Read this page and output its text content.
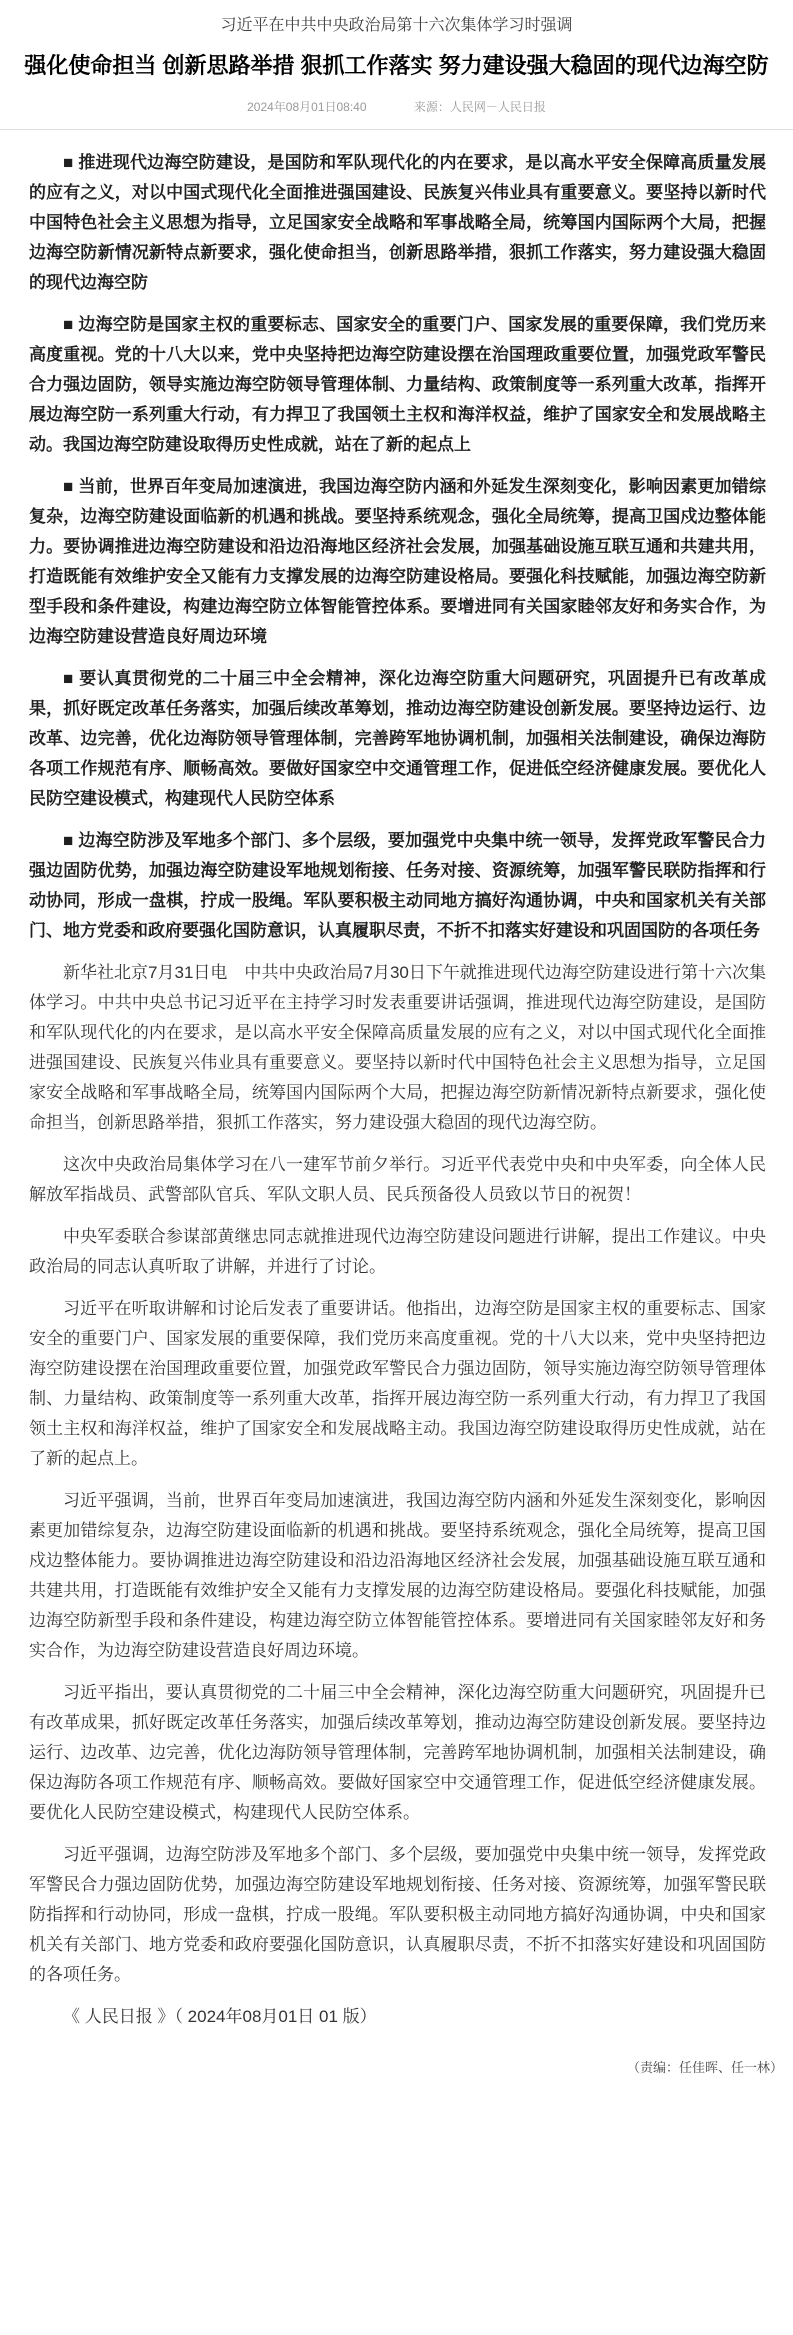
习近平在中共中央政治局第十六次集体学习时强调
强化使命担当 创新思路举措 狠抓工作落实 努力建设强大稳固的现代边海空防
2024年08月01日08:40	来源：人民网－人民日报

■ 推进现代边海空防建设，是国防和军队现代化的内在要求，是以高水平安全保障高质量发展的应有之义，对以中国式现代化全面推进强国建设、民族复兴伟业具有重要意义。要坚持以新时代中国特色社会主义思想为指导，立足国家安全战略和军事战略全局，统筹国内国际两个大局，把握边海空防新情况新特点新要求，强化使命担当，创新思路举措，狠抓工作落实，努力建设强大稳固的现代边海空防

■ 边海空防是国家主权的重要标志、国家安全的重要门户、国家发展的重要保障，我们党历来高度重视。党的十八大以来，党中央坚持把边海空防建设摆在治国理政重要位置，加强党政军警民合力强边固防，领导实施边海空防领导管理体制、力量结构、政策制度等一系列重大改革，指挥开展边海空防一系列重大行动，有力捍卫了我国领土主权和海洋权益，维护了国家安全和发展战略主动。我国边海空防建设取得历史性成就，站在了新的起点上

■ 当前，世界百年变局加速演进，我国边海空防内涵和外延发生深刻变化，影响因素更加错综复杂，边海空防建设面临新的机遇和挑战。要坚持系统观念，强化全局统筹，提高卫国戍边整体能力。要协调推进边海空防建设和沿边沿海地区经济社会发展，加强基础设施互联互通和共建共用，打造既能有效维护安全又能有力支撑发展的边海空防建设格局。要强化科技赋能，加强边海空防新型手段和条件建设，构建边海空防立体智能管控体系。要增进同有关国家睦邻友好和务实合作，为边海空防建设营造良好周边环境

■ 要认真贯彻党的二十届三中全会精神，深化边海空防重大问题研究，巩固提升已有改革成果，抓好既定改革任务落实，加强后续改革筹划，推动边海空防建设创新发展。要坚持边运行、边改革、边完善，优化边海防领导管理体制，完善跨军地协调机制，加强相关法制建设，确保边海防各项工作规范有序、顺畅高效。要做好国家空中交通管理工作，促进低空经济健康发展。要优化人民防空建设模式，构建现代人民防空体系

■ 边海空防涉及军地多个部门、多个层级，要加强党中央集中统一领导，发挥党政军警民合力强边固防优势，加强边海空防建设军地规划衔接、任务对接、资源统筹，加强军警民联防指挥和行动协同，形成一盘棋，拧成一股绳。军队要积极主动同地方搞好沟通协调，中央和国家机关有关部门、地方党委和政府要强化国防意识，认真履职尽责，不折不扣落实好建设和巩固国防的各项任务

新华社北京7月31日电　中共中央政治局7月30日下午就推进现代边海空防建设进行第十六次集体学习。中共中央总书记习近平在主持学习时发表重要讲话强调，推进现代边海空防建设，是国防和军队现代化的内在要求，是以高水平安全保障高质量发展的应有之义，对以中国式现代化全面推进强国建设、民族复兴伟业具有重要意义。要坚持以新时代中国特色社会主义思想为指导，立足国家安全战略和军事战略全局，统筹国内国际两个大局，把握边海空防新情况新特点新要求，强化使命担当，创新思路举措，狠抓工作落实，努力建设强大稳固的现代边海空防。

这次中央政治局集体学习在八一建军节前夕举行。习近平代表党中央和中央军委，向全体人民解放军指战员、武警部队官兵、军队文职人员、民兵预备役人员致以节日的祝贺！

中央军委联合参谋部黄继忠同志就推进现代边海空防建设问题进行讲解，提出工作建议。中央政治局的同志认真听取了讲解，并进行了讨论。

习近平在听取讲解和讨论后发表了重要讲话。他指出，边海空防是国家主权的重要标志、国家安全的重要门户、国家发展的重要保障，我们党历来高度重视。党的十八大以来，党中央坚持把边海空防建设摆在治国理政重要位置，加强党政军警民合力强边固防，领导实施边海空防领导管理体制、力量结构、政策制度等一系列重大改革，指挥开展边海空防一系列重大行动，有力捍卫了我国领土主权和海洋权益，维护了国家安全和发展战略主动。我国边海空防建设取得历史性成就，站在了新的起点上。

习近平强调，当前，世界百年变局加速演进，我国边海空防内涵和外延发生深刻变化，影响因素更加错综复杂，边海空防建设面临新的机遇和挑战。要坚持系统观念，强化全局统筹，提高卫国戍边整体能力。要协调推进边海空防建设和沿边沿海地区经济社会发展，加强基础设施互联互通和共建共用，打造既能有效维护安全又能有力支撑发展的边海空防建设格局。要强化科技赋能，加强边海空防新型手段和条件建设，构建边海空防立体智能管控体系。要增进同有关国家睦邻友好和务实合作，为边海空防建设营造良好周边环境。

习近平指出，要认真贯彻党的二十届三中全会精神，深化边海空防重大问题研究，巩固提升已有改革成果，抓好既定改革任务落实，加强后续改革筹划，推动边海空防建设创新发展。要坚持边运行、边改革、边完善，优化边海防领导管理体制，完善跨军地协调机制，加强相关法制建设，确保边海防各项工作规范有序、顺畅高效。要做好国家空中交通管理工作，促进低空经济健康发展。要优化人民防空建设模式，构建现代人民防空体系。

习近平强调，边海空防涉及军地多个部门、多个层级，要加强党中央集中统一领导，发挥党政军警民合力强边固防优势，加强边海空防建设军地规划衔接、任务对接、资源统筹，加强军警民联防指挥和行动协同，形成一盘棋，拧成一股绳。军队要积极主动同地方搞好沟通协调，中央和国家机关有关部门、地方党委和政府要强化国防意识，认真履职尽责，不折不扣落实好建设和巩固国防的各项任务。

《 人民日报 》（ 2024年08月01日 01 版）

（责编：任佳晖、任一林）
